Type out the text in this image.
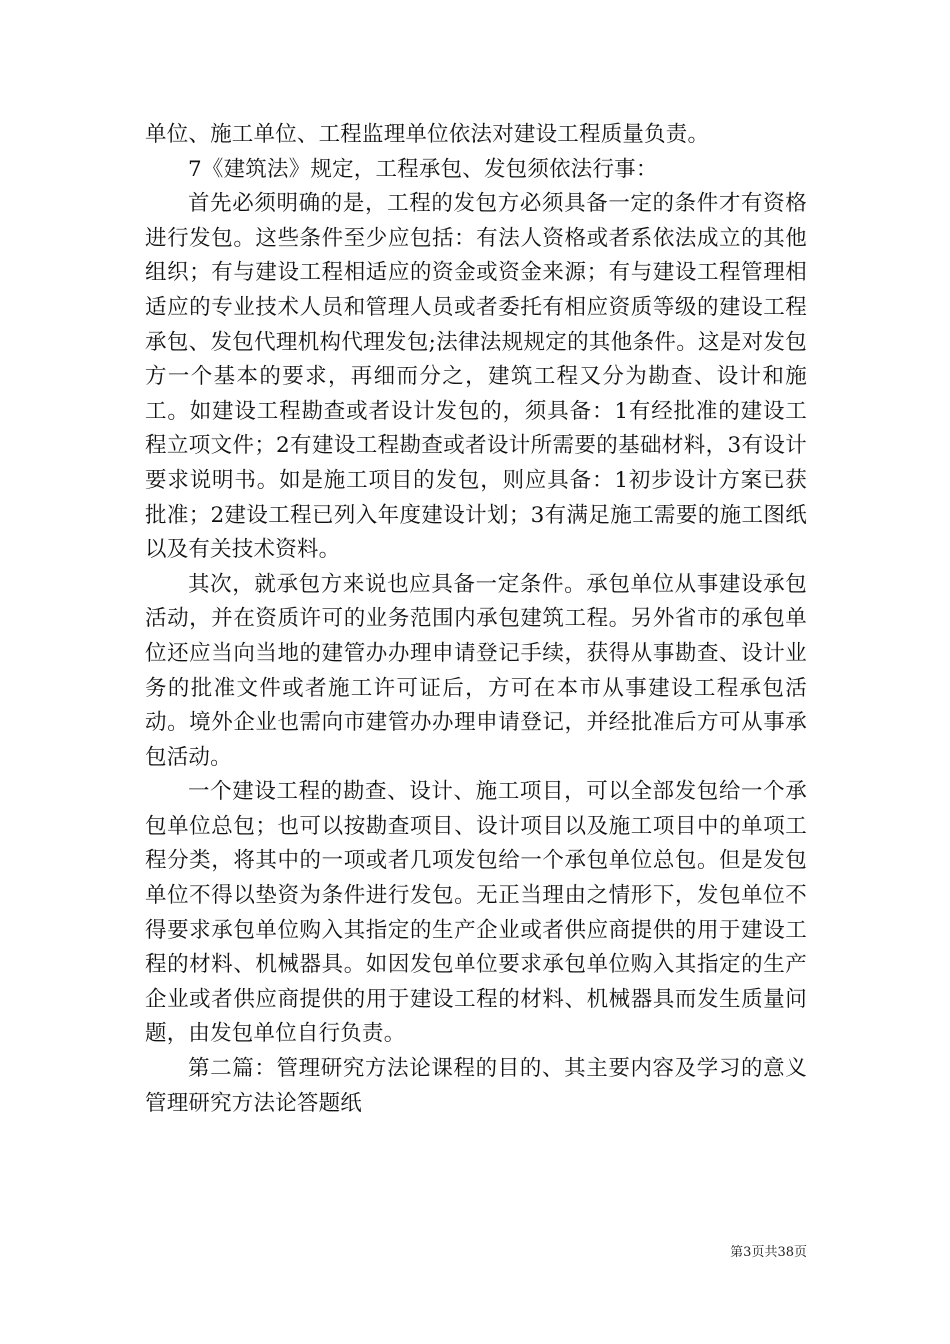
单位、施工单位、工程监理单位依法对建设工程质量负责。

7《建筑法》规定，工程承包、发包须依法行事：

首先必须明确的是，工程的发包方必须具备一定的条件才有资格进行发包。这些条件至少应包括：有法人资格或者系依法成立的其他组织；有与建设工程相适应的资金或资金来源；有与建设工程管理相适应的专业技术人员和管理人员或者委托有相应资质等级的建设工程承包、发包代理机构代理发包;法律法规规定的其他条件。这是对发包方一个基本的要求，再细而分之，建筑工程又分为勘查、设计和施工。如建设工程勘查或者设计发包的，须具备：1有经批准的建设工程立项文件；2有建设工程勘查或者设计所需要的基础材料，3有设计要求说明书。如是施工项目的发包，则应具备：1初步设计方案已获批准；2建设工程已列入年度建设计划；3有满足施工需要的施工图纸以及有关技术资料。

其次，就承包方来说也应具备一定条件。承包单位从事建设承包活动，并在资质许可的业务范围内承包建筑工程。另外省市的承包单位还应当向当地的建管办办理申请登记手续，获得从事勘查、设计业务的批准文件或者施工许可证后，方可在本市从事建设工程承包活动。境外企业也需向市建管办办理申请登记，并经批准后方可从事承包活动。

一个建设工程的勘查、设计、施工项目，可以全部发包给一个承包单位总包；也可以按勘查项目、设计项目以及施工项目中的单项工程分类，将其中的一项或者几项发包给一个承包单位总包。但是发包单位不得以垫资为条件进行发包。无正当理由之情形下，发包单位不得要求承包单位购入其指定的生产企业或者供应商提供的用于建设工程的材料、机械器具。如因发包单位要求承包单位购入其指定的生产企业或者供应商提供的用于建设工程的材料、机械器具而发生质量问题，由发包单位自行负责。

第二篇：管理研究方法论课程的目的、其主要内容及学习的意义管理研究方法论答题纸

第3页共38页
